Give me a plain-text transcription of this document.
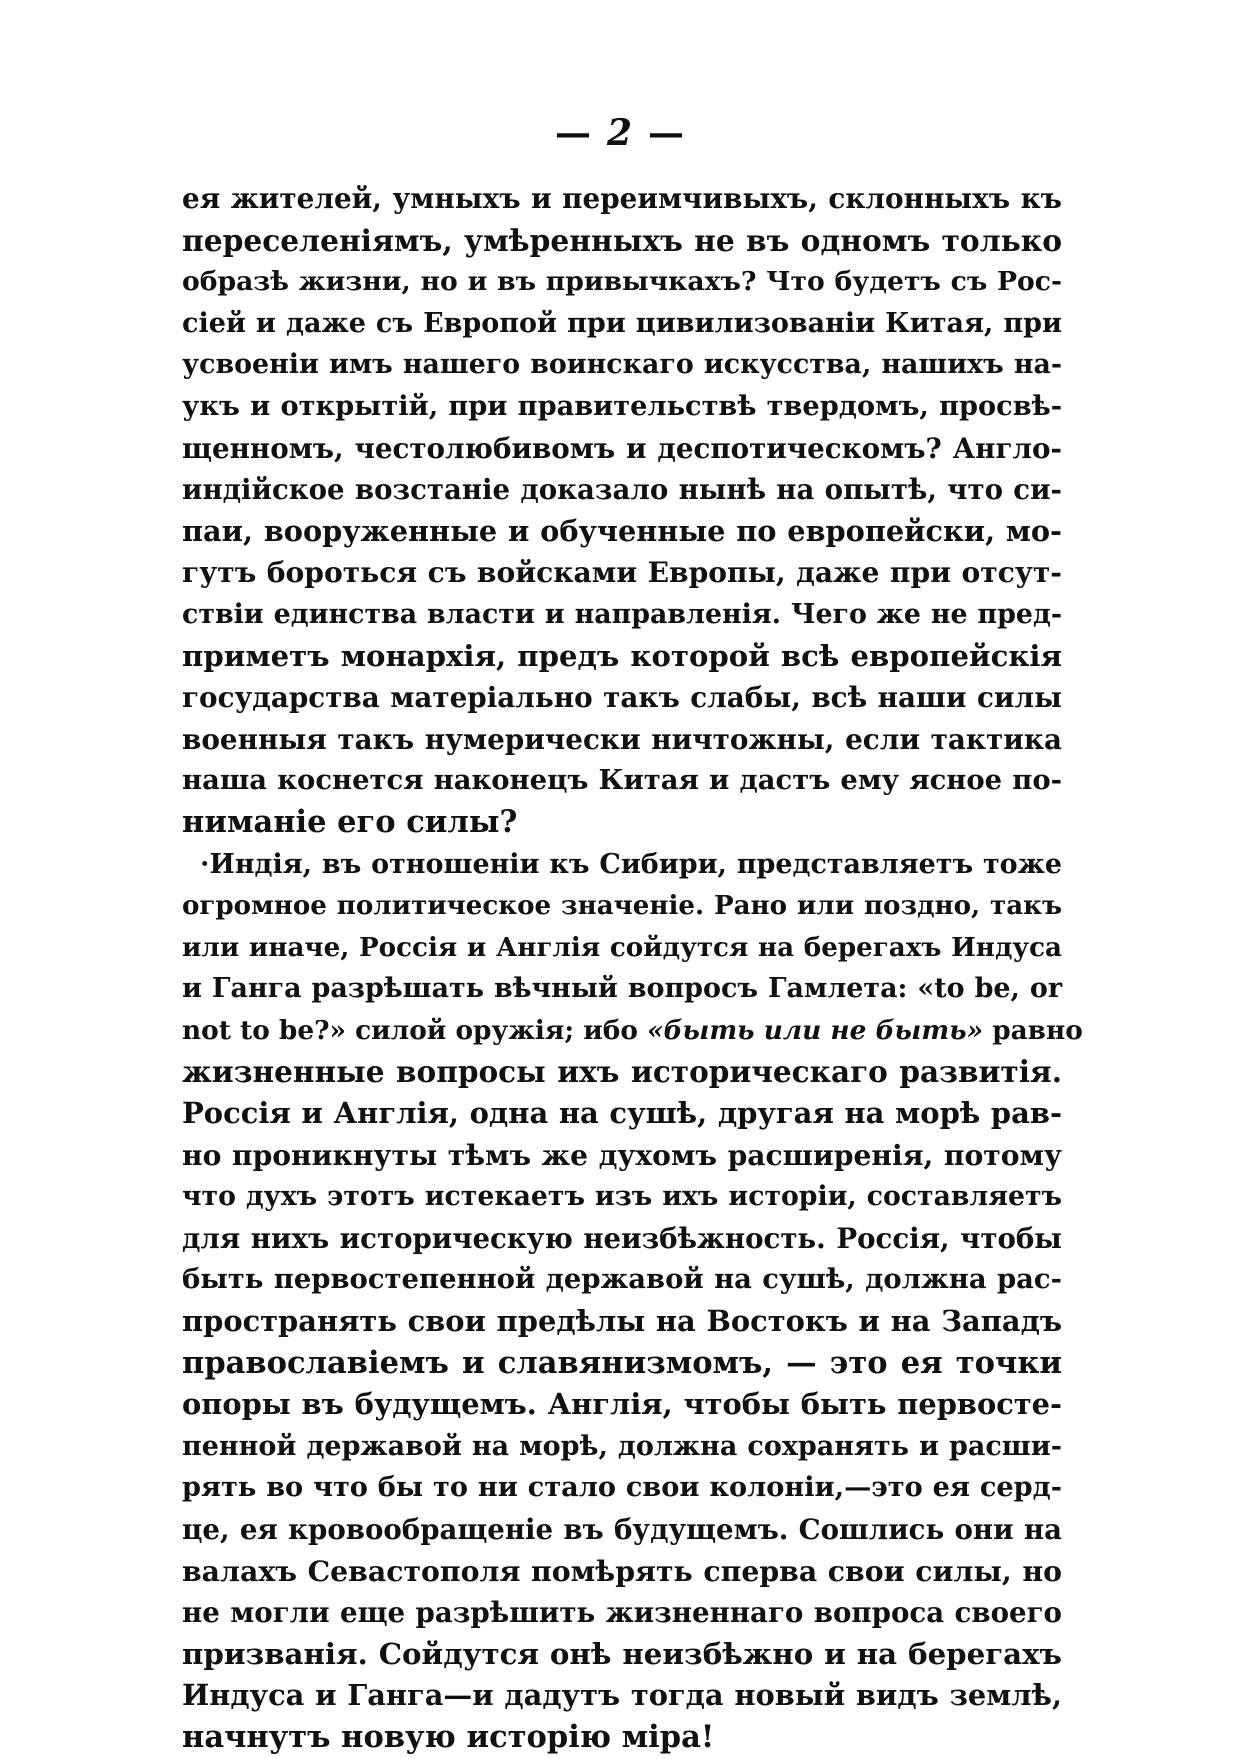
— 2 —
ея жителей, умныхъ и переимчивыхъ, склонныхъ къ
переселеніямъ, умѣренныхъ не въ одномъ только
образѣ жизни, но и въ привычкахъ? Что будетъ съ Рос-
сіей и даже съ Европой при цивилизованіи Китая, при
усвоеніи имъ нашего воинскаго искусства, нашихъ на-
укъ и открытій, при правительствѣ твердомъ, просвѣ-
щенномъ, честолюбивомъ и деспотическомъ? Англо-
индійское возстаніе доказало нынѣ на опытѣ, что си-
паи, вооруженные и обученные по европейски, мо-
гутъ бороться съ войсками Европы, даже при отсут-
ствіи единства власти и направленія. Чего же не пред-
приметъ монархія, предъ которой всѣ европейскія
государства матеріально такъ слабы, всѣ наши силы
военныя такъ нумерически ничтожны, если тактика
наша коснется наконецъ Китая и дастъ ему ясное по-
ниманіе его силы?
·Индія, въ отношеніи къ Сибири, представляетъ тоже
огромное политическое значеніе. Рано или поздно, такъ
или иначе, Россія и Англія сойдутся на берегахъ Индуса
и Ганга разрѣшать вѣчный вопросъ Гамлета: «to be, or
not to be?» силой оружія; ибо «быть или не быть» равно
жизненные вопросы ихъ историческаго развитія.
Россія и Англія, одна на сушѣ, другая на морѣ рав-
но проникнуты тѣмъ же духомъ расширенія, потому
что духъ этотъ истекаетъ изъ ихъ исторіи, составляетъ
для нихъ историческую неизбѣжность. Россія, чтобы
быть первостепенной державой на сушѣ, должна рас-
пространять свои предѣлы на Востокъ и на Западъ
православіемъ и славянизмомъ, — это ея точки
опоры въ будущемъ. Англія, чтобы быть первосте-
пенной державой на морѣ, должна сохранять и расши-
рять во что бы то ни стало свои колоніи,—это ея серд-
це, ея кровообращеніе въ будущемъ. Сошлись они на
валахъ Севастополя помѣрять сперва свои силы, но
не могли еще разрѣшить жизненнаго вопроса своего
призванія. Сойдутся онѣ неизбѣжно и на берегахъ
Индуса и Ганга—и дадутъ тогда новый видъ землѣ,
начнутъ новую исторію міра!
